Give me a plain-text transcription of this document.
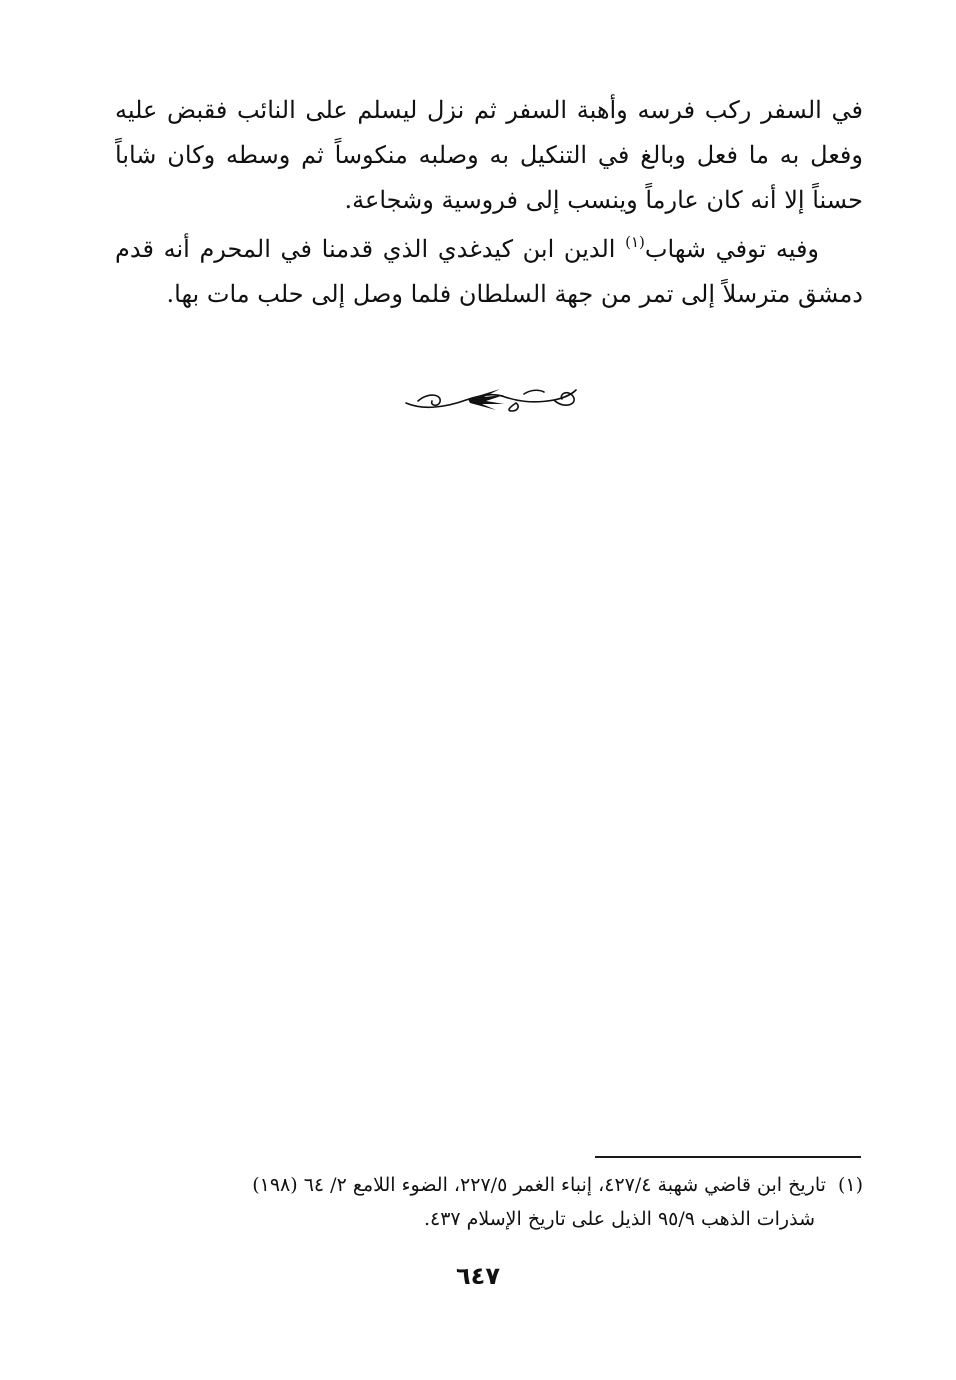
في السفر ركب فرسه وأهبة السفر ثم نزل ليسلم على النائب فقبض عليه وفعل به ما فعل وبالغ في التنكيل به وصلبه منكوساً ثم وسطه وكان شاباً حسناً إلا أنه كان عارماً وينسب إلى فروسية وشجاعة.

وفيه توفي شهاب$^{(١)}$ الدين ابن كيدغدي الذي قدمنا في المحرم أنه قدم دمشق مترسلاً إلى تمر من جهة السلطان فلما وصل إلى حلب مات بها.

(١)تاريخ ابن قاضي شهبة ٤٢٧/٤، إنباء الغمر ٢٢٧/٥، الضوء اللامع ٢/ ٦٤ (١٩٨)
شذرات الذهب ٩٥/٩ الذيل على تاريخ الإسلام ٤٣٧.
٦٤٧
